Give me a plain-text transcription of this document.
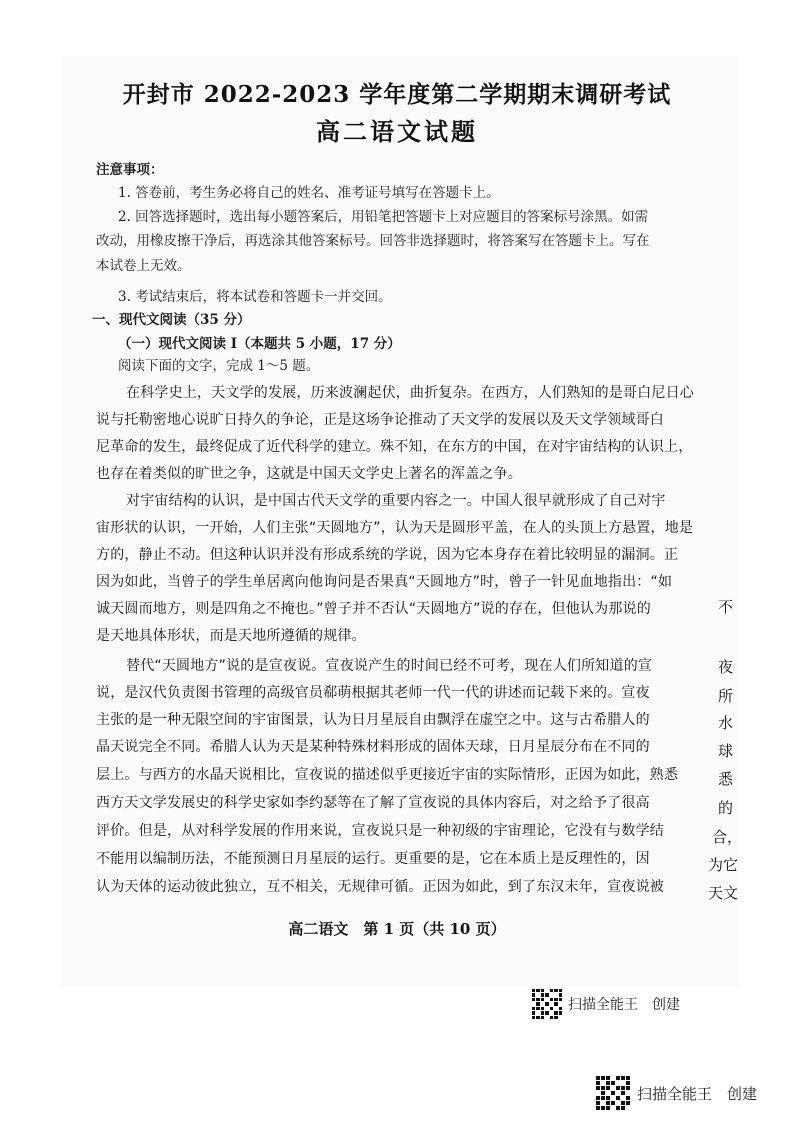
开封市 2022-2023 学年度第二学期期末调研考试
高二语文试题
注意事项：
1. 答卷前，考生务必将自己的姓名、准考证号填写在答题卡上。
2. 回答选择题时，选出每小题答案后，用铅笔把答题卡上对应题目的答案标号涂黑。如需
改动，用橡皮擦干净后，再选涂其他答案标号。回答非选择题时，将答案写在答题卡上。写在
本试卷上无效。
3. 考试结束后，将本试卷和答题卡一并交回。
一、现代文阅读（35 分）
（一）现代文阅读 I（本题共 5 小题，17 分）
阅读下面的文字，完成 1～5 题。
在科学史上，天文学的发展，历来波澜起伏，曲折复杂。在西方，人们熟知的是哥白尼日心
说与托勒密地心说旷日持久的争论，正是这场争论推动了天文学的发展以及天文学领域哥白
尼革命的发生，最终促成了近代科学的建立。殊不知，在东方的中国，在对宇宙结构的认识上，
也存在着类似的旷世之争，这就是中国天文学史上著名的浑盖之争。
对宇宙结构的认识，是中国古代天文学的重要内容之一。中国人很早就形成了自己对宇
宙形状的认识，一开始，人们主张“天圆地方”，认为天是圆形平盖，在人的头顶上方悬置，地是
方的，静止不动。但这种认识并没有形成系统的学说，因为它本身存在着比较明显的漏洞。正
因为如此，当曾子的学生单居离向他询问是否果真“天圆地方”时，曾子一针见血地指出：“如
诚天圆而地方，则是四角之不掩也。”曾子并不否认“天圆地方”说的存在，但他认为那说的
是天地具体形状，而是天地所遵循的规律。
替代“天圆地方”说的是宣夜说。宣夜说产生的时间已经不可考，现在人们所知道的宣
说，是汉代负责图书管理的高级官员郗萌根据其老师一代一代的讲述而记载下来的。宣夜
主张的是一种无限空间的宇宙图景，认为日月星辰自由飘浮在虚空之中。这与古希腊人的
晶天说完全不同。希腊人认为天是某种特殊材料形成的固体天球，日月星辰分布在不同的
层上。与西方的水晶天说相比，宣夜说的描述似乎更接近宇宙的实际情形，正因为如此，熟悉
西方天文学发展史的科学史家如李约瑟等在了解了宣夜说的具体内容后，对之给予了很高
评价。但是，从对科学发展的作用来说，宣夜说只是一种初级的宇宙理论，它没有与数学结
不能用以编制历法，不能预测日月星辰的运行。更重要的是，它在本质上是反理性的，因
认为天体的运动彼此独立，互不相关，无规律可循。正因为如此，到了东汉末年，宣夜说被
不
夜
所
水
球
悉
的
合，
为它
天文
高二语文　第 1 页（共 10 页）
扫描全能王　创建
扫描全能王　创建
